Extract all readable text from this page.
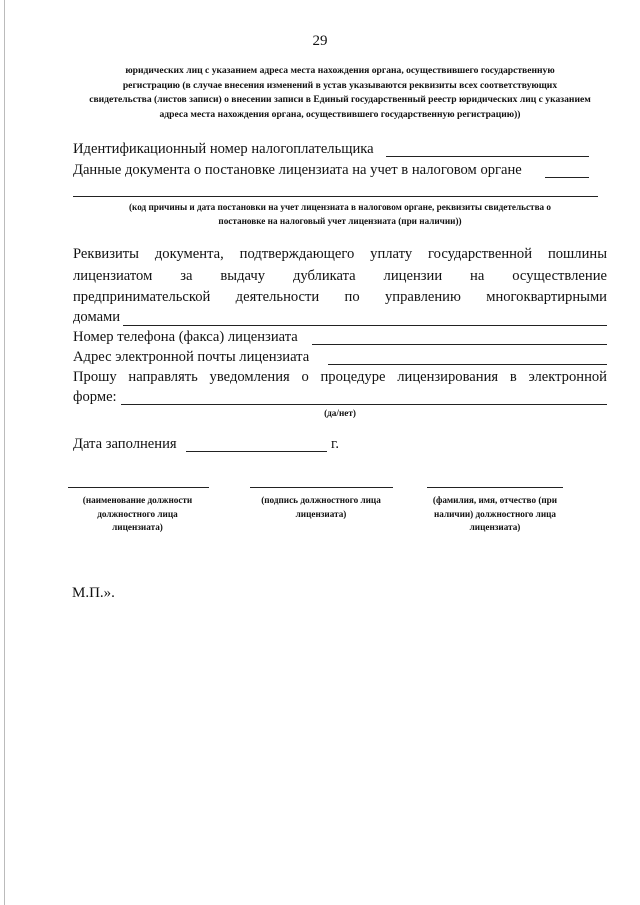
29
юридических лиц с указанием адреса места нахождения органа, осуществившего государственную
регистрацию (в случае внесения изменений в устав указываются реквизиты всех соответствующих
свидетельства (листов записи) о внесении записи в Единый государственный реестр юридических лиц с указанием
адреса места нахождения органа, осуществившего государственную регистрацию))
Идентификационный номер налогоплательщика
Данные документа о постановке лицензиата на учет в налоговом органе
(код причины и дата постановки на учет лицензиата в налоговом органе, реквизиты свидетельства о
постановке на налоговый учет лицензиата (при наличии))
Реквизиты документа, подтверждающего уплату государственной пошлины
лицензиатом за выдачу дубликата лицензии на осуществление
предпринимательской деятельности по управлению многоквартирными
домами
Номер телефона (факса) лицензиата
Адрес электронной почты лицензиата
Прошу направлять уведомления о процедуре лицензирования в электронной
форме:
(да/нет)
Дата заполнения	г.
(наименование должности
должностного лица
лицензиата)
(подпись должностного лица
лицензиата)
(фамилия, имя, отчество (при
наличии) должностного лица
лицензиата)
М.П.».
